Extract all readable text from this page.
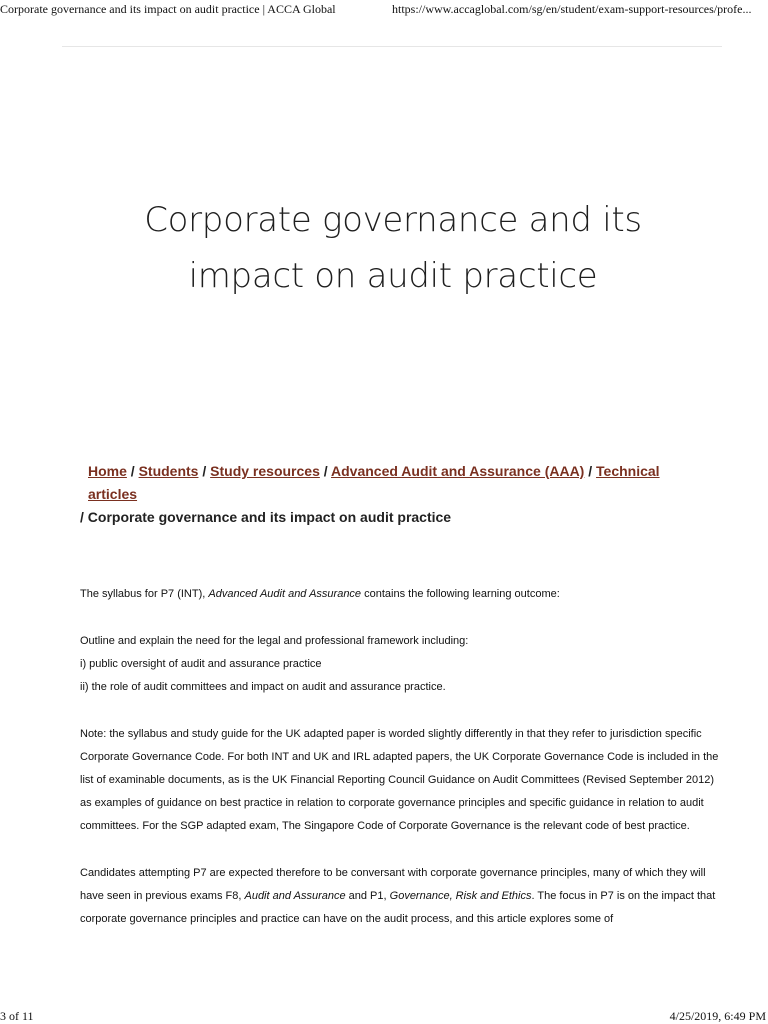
Corporate governance and its impact on audit practice | ACCA Global	https://www.accaglobal.com/sg/en/student/exam-support-resources/profe...
Corporate governance and its
impact on audit practice
Home / Students / Study resources / Advanced Audit and Assurance (AAA) / Technical articles
/ Corporate governance and its impact on audit practice

The syllabus for P7 (INT), Advanced Audit and Assurance contains the following learning outcome:

Outline and explain the need for the legal and professional framework including:
i) public oversight of audit and assurance practice
ii) the role of audit committees and impact on audit and assurance practice.

Note: the syllabus and study guide for the UK adapted paper is worded slightly differently in that they refer to jurisdiction specific Corporate Governance Code. For both INT and UK and IRL adapted papers, the UK Corporate Governance Code is included in the list of examinable documents, as is the UK Financial Reporting Council Guidance on Audit Committees (Revised September 2012) as examples of guidance on best practice in relation to corporate governance principles and specific guidance in relation to audit committees. For the SGP adapted exam, The Singapore Code of Corporate Governance is the relevant code of best practice.

Candidates attempting P7 are expected therefore to be conversant with corporate governance principles, many of which they will have seen in previous exams F8, Audit and Assurance and P1, Governance, Risk and Ethics. The focus in P7 is on the impact that corporate governance principles and practice can have on the audit process, and this article explores some of

3 of 11	4/25/2019, 6:49 PM
